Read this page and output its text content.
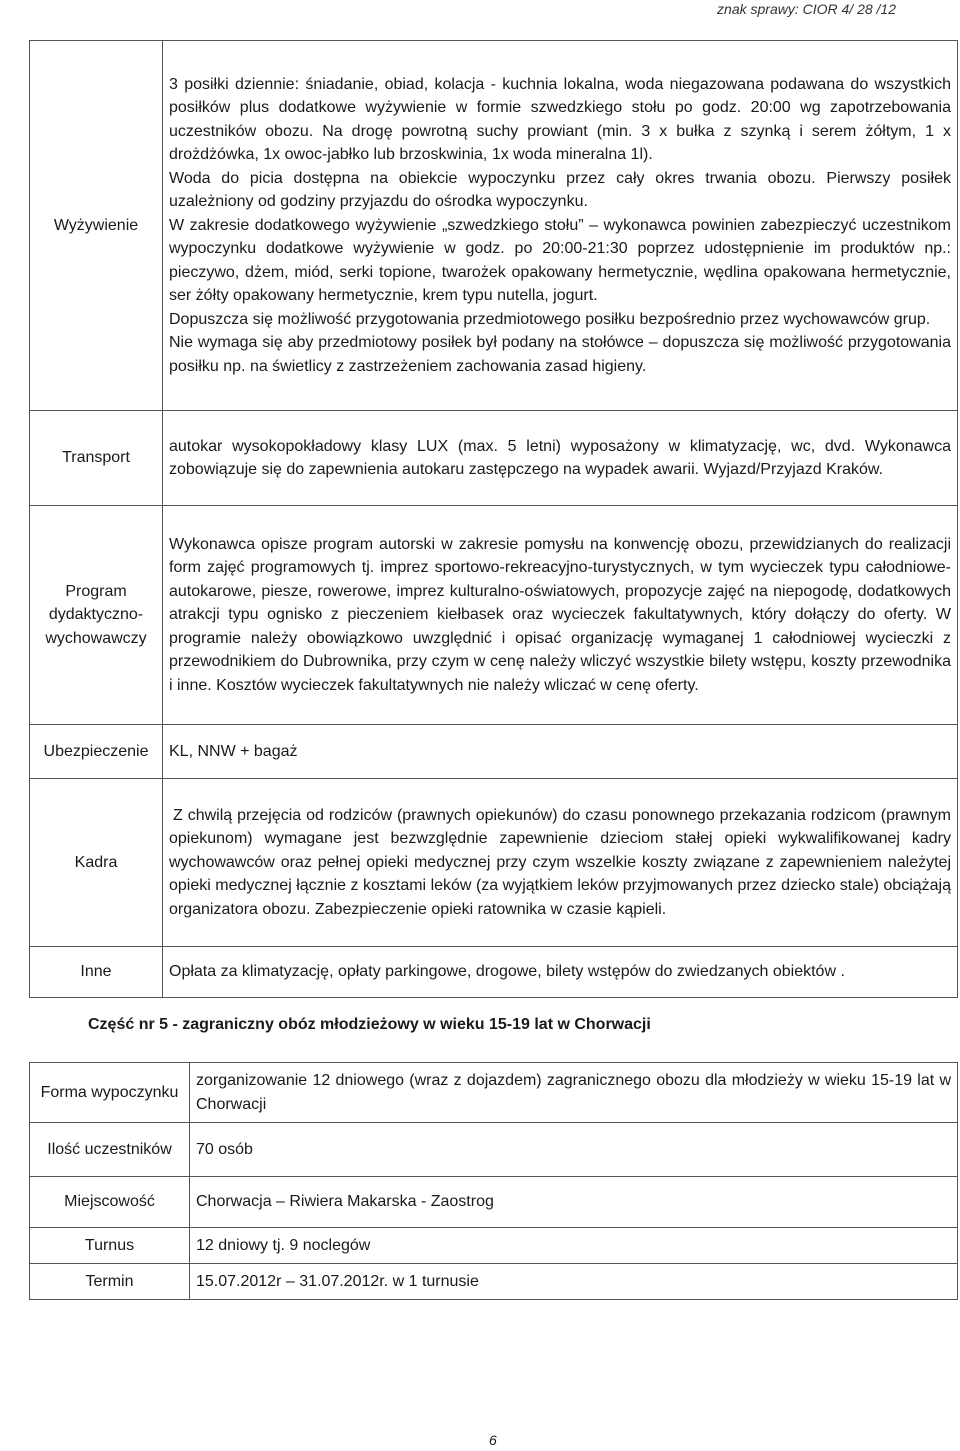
znak sprawy: CIOR 4/ 28 /12
Wyżywienie	3 posiłki dziennie: śniadanie, obiad, kolacja - kuchnia lokalna, woda niegazowana podawana do wszystkich posiłków plus dodatkowe wyżywienie w formie szwedzkiego stołu po godz. 20:00 wg zapotrzebowania uczestników obozu. Na drogę powrotną suchy prowiant (min. 3 x bułka z szynką i serem żółtym, 1 x drożdżówka, 1x owoc-jabłko lub brzoskwinia, 1x woda mineralna 1l).

Woda do picia dostępna na obiekcie wypoczynku przez cały okres trwania obozu. Pierwszy posiłek uzależniony od godziny przyjazdu do ośrodka wypoczynku.

W zakresie dodatkowego wyżywienie „szwedzkiego stołu” – wykonawca powinien zabezpieczyć uczestnikom wypoczynku dodatkowe wyżywienie w godz. po 20:00-21:30 poprzez udostępnienie im produktów np.: pieczywo, dżem, miód, serki topione, twarożek opakowany hermetycznie, wędlina opakowana hermetycznie, ser żółty opakowany hermetycznie, krem typu nutella, jogurt.

Dopuszcza się możliwość przygotowania przedmiotowego posiłku bezpośrednio przez wychowawców grup.

Nie wymaga się aby przedmiotowy posiłek był podany na stołówce – dopuszcza się możliwość przygotowania posiłku np. na świetlicy z zastrzeżeniem zachowania zasad higieny.

Transport	autokar wysokopokładowy klasy LUX (max. 5 letni) wyposażony w klimatyzację, wc, dvd. Wykonawca zobowiązuje się do zapewnienia autokaru zastępczego na wypadek awarii. Wyjazd/Przyjazd Kraków.

Program dydaktyczno-wychowawczy	Wykonawca opisze program autorski w zakresie pomysłu na konwencję obozu, przewidzianych do realizacji form zajęć programowych tj. imprez sportowo-rekreacyjno-turystycznych, w tym wycieczek typu całodniowe-autokarowe, piesze, rowerowe, imprez kulturalno-oświatowych, propozycje zajęć na niepogodę, dodatkowych atrakcji typu ognisko z pieczeniem kiełbasek oraz wycieczek fakultatywnych, który dołączy do oferty. W programie należy obowiązkowo uwzględnić i opisać organizację wymaganej 1 całodniowej wycieczki z przewodnikiem do Dubrownika, przy czym w cenę należy wliczyć wszystkie bilety wstępu, koszty przewodnika i inne. Kosztów wycieczek fakultatywnych nie należy wliczać w cenę oferty.

Ubezpieczenie	KL, NNW + bagaż

Kadra	Z chwilą przejęcia od rodziców (prawnych opiekunów) do czasu ponownego przekazania rodzicom (prawnym opiekunom) wymagane jest bezwzględnie zapewnienie dzieciom stałej opieki wykwalifikowanej kadry wychowawców oraz pełnej opieki medycznej przy czym wszelkie koszty związane z zapewnieniem należytej opieki medycznej łącznie z kosztami leków (za wyjątkiem leków przyjmowanych przez dziecko stale) obciążają organizatora obozu. Zabezpieczenie opieki ratownika w czasie kąpieli.

Inne	Opłata za klimatyzację, opłaty parkingowe, drogowe, bilety wstępów do zwiedzanych obiektów .

Część nr 5 - zagraniczny obóz młodzieżowy w wieku 15-19 lat w Chorwacji
Forma wypoczynku	zorganizowanie 12 dniowego (wraz z dojazdem) zagranicznego obozu dla młodzieży w wieku 15-19 lat w Chorwacji
Ilość uczestników	70 osób
Miejscowość	Chorwacja – Riwiera Makarska - Zaostrog
Turnus	12 dniowy tj. 9 noclegów
Termin	15.07.2012r – 31.07.2012r. w 1 turnusie
6
